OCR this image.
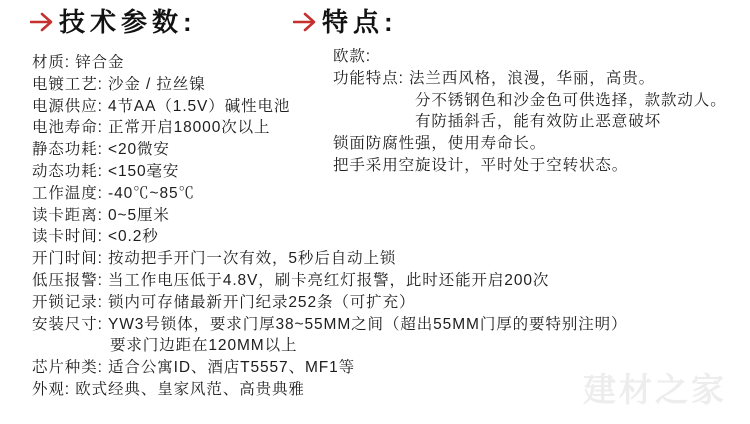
技术参数:	特点:
材质: 锌合金
电镀工艺: 沙金 / 拉丝镍
电源供应: 4节AA（1.5V）碱性电池
电池寿命: 正常开启18000次以上
静态功耗: <20微安
动态功耗: <150毫安
工作温度: -40℃~85℃
读卡距离: 0~5厘米
读卡时间: <0.2秒
开门时间: 按动把手开门一次有效，5秒后自动上锁
低压报警: 当工作电压低于4.8V，刷卡亮红灯报警，此时还能开启200次
开锁记录: 锁内可存储最新开门纪录252条（可扩充）
安装尺寸: YW3号锁体，要求门厚38~55MM之间（超出55MM门厚的要特别注明）
要求门边距在120MM以上
芯片种类: 适合公寓ID、酒店T5557、MF1等
外观: 欧式经典、皇家风范、高贵典雅
欧款:
功能特点: 法兰西风格，浪漫，华丽，高贵。
分不锈钢色和沙金色可供选择，款款动人。
有防插斜舌，能有效防止恶意破坏
锁面防腐性强，使用寿命长。
把手采用空旋设计，平时处于空转状态。
建材之家
